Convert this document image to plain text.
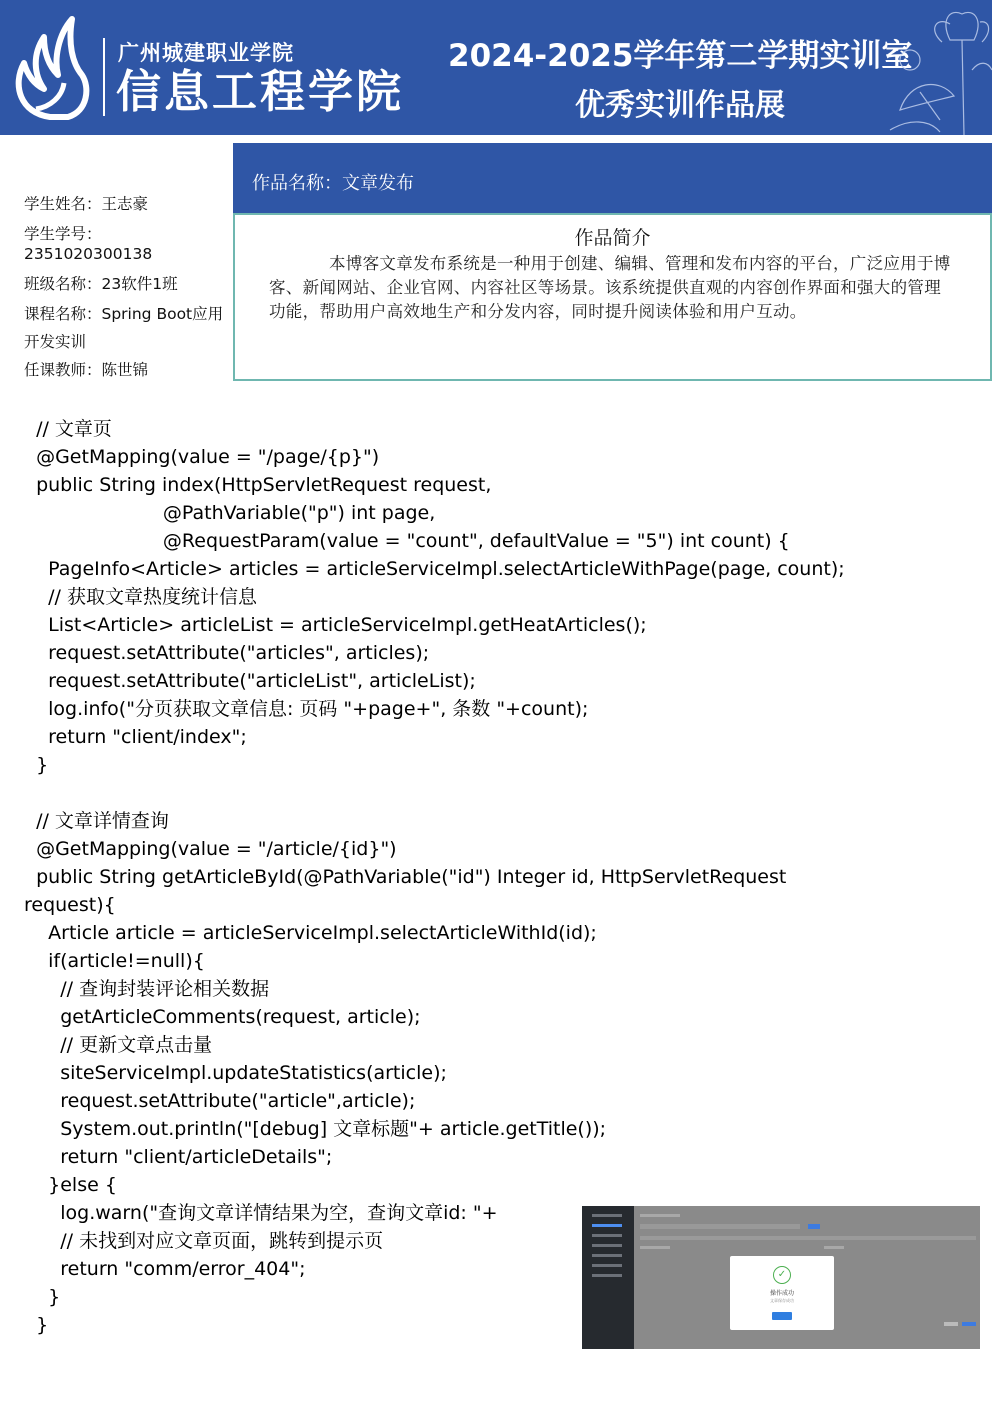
广州城建职业学院
信息工程学院
2024-2025学年第二学期实训室
优秀实训作品展
学生姓名：王志豪
学生学号：2351020300138
班级名称：23软件1班
课程名称：Spring Boot应用
开发实训
任课教师：陈世锦
作品名称：文章发布
作品简介
本博客文章发布系统是一种用于创建、编辑、管理和发布内容的平台，广泛应用于博客、新闻网站、企业官网、内容社区等场景。该系统提供直观的内容创作界面和强大的管理功能，帮助用户高效地生产和分发内容，同时提升阅读体验和用户互动。
// 文章页
@GetMapping(value = "/page/{p}")
public String index(HttpServletRequest request,
@PathVariable("p") int page,
@RequestParam(value = "count", defaultValue = "5") int count) {
PageInfo<Article> articles = articleServiceImpl.selectArticleWithPage(page, count);
// 获取文章热度统计信息
List<Article> articleList = articleServiceImpl.getHeatArticles();
request.setAttribute("articles", articles);
request.setAttribute("articleList", articleList);
log.info("分页获取文章信息: 页码 "+page+", 条数 "+count);
return "client/index";
}
// 文章详情查询
@GetMapping(value = "/article/{id}")
public String getArticleById(@PathVariable("id") Integer id, HttpServletRequest
request){
Article article = articleServiceImpl.selectArticleWithId(id);
if(article!=null){
// 查询封装评论相关数据
getArticleComments(request, article);
// 更新文章点击量
siteServiceImpl.updateStatistics(article);
request.setAttribute("article",article);
System.out.println("[debug] 文章标题"+ article.getTitle());
return "client/articleDetails";
}else {
log.warn("查询文章详情结果为空，查询文章id: "+
// 未找到对应文章页面，跳转到提示页
return "comm/error_404";
}
}
✓
操作成功
文章保存成功
